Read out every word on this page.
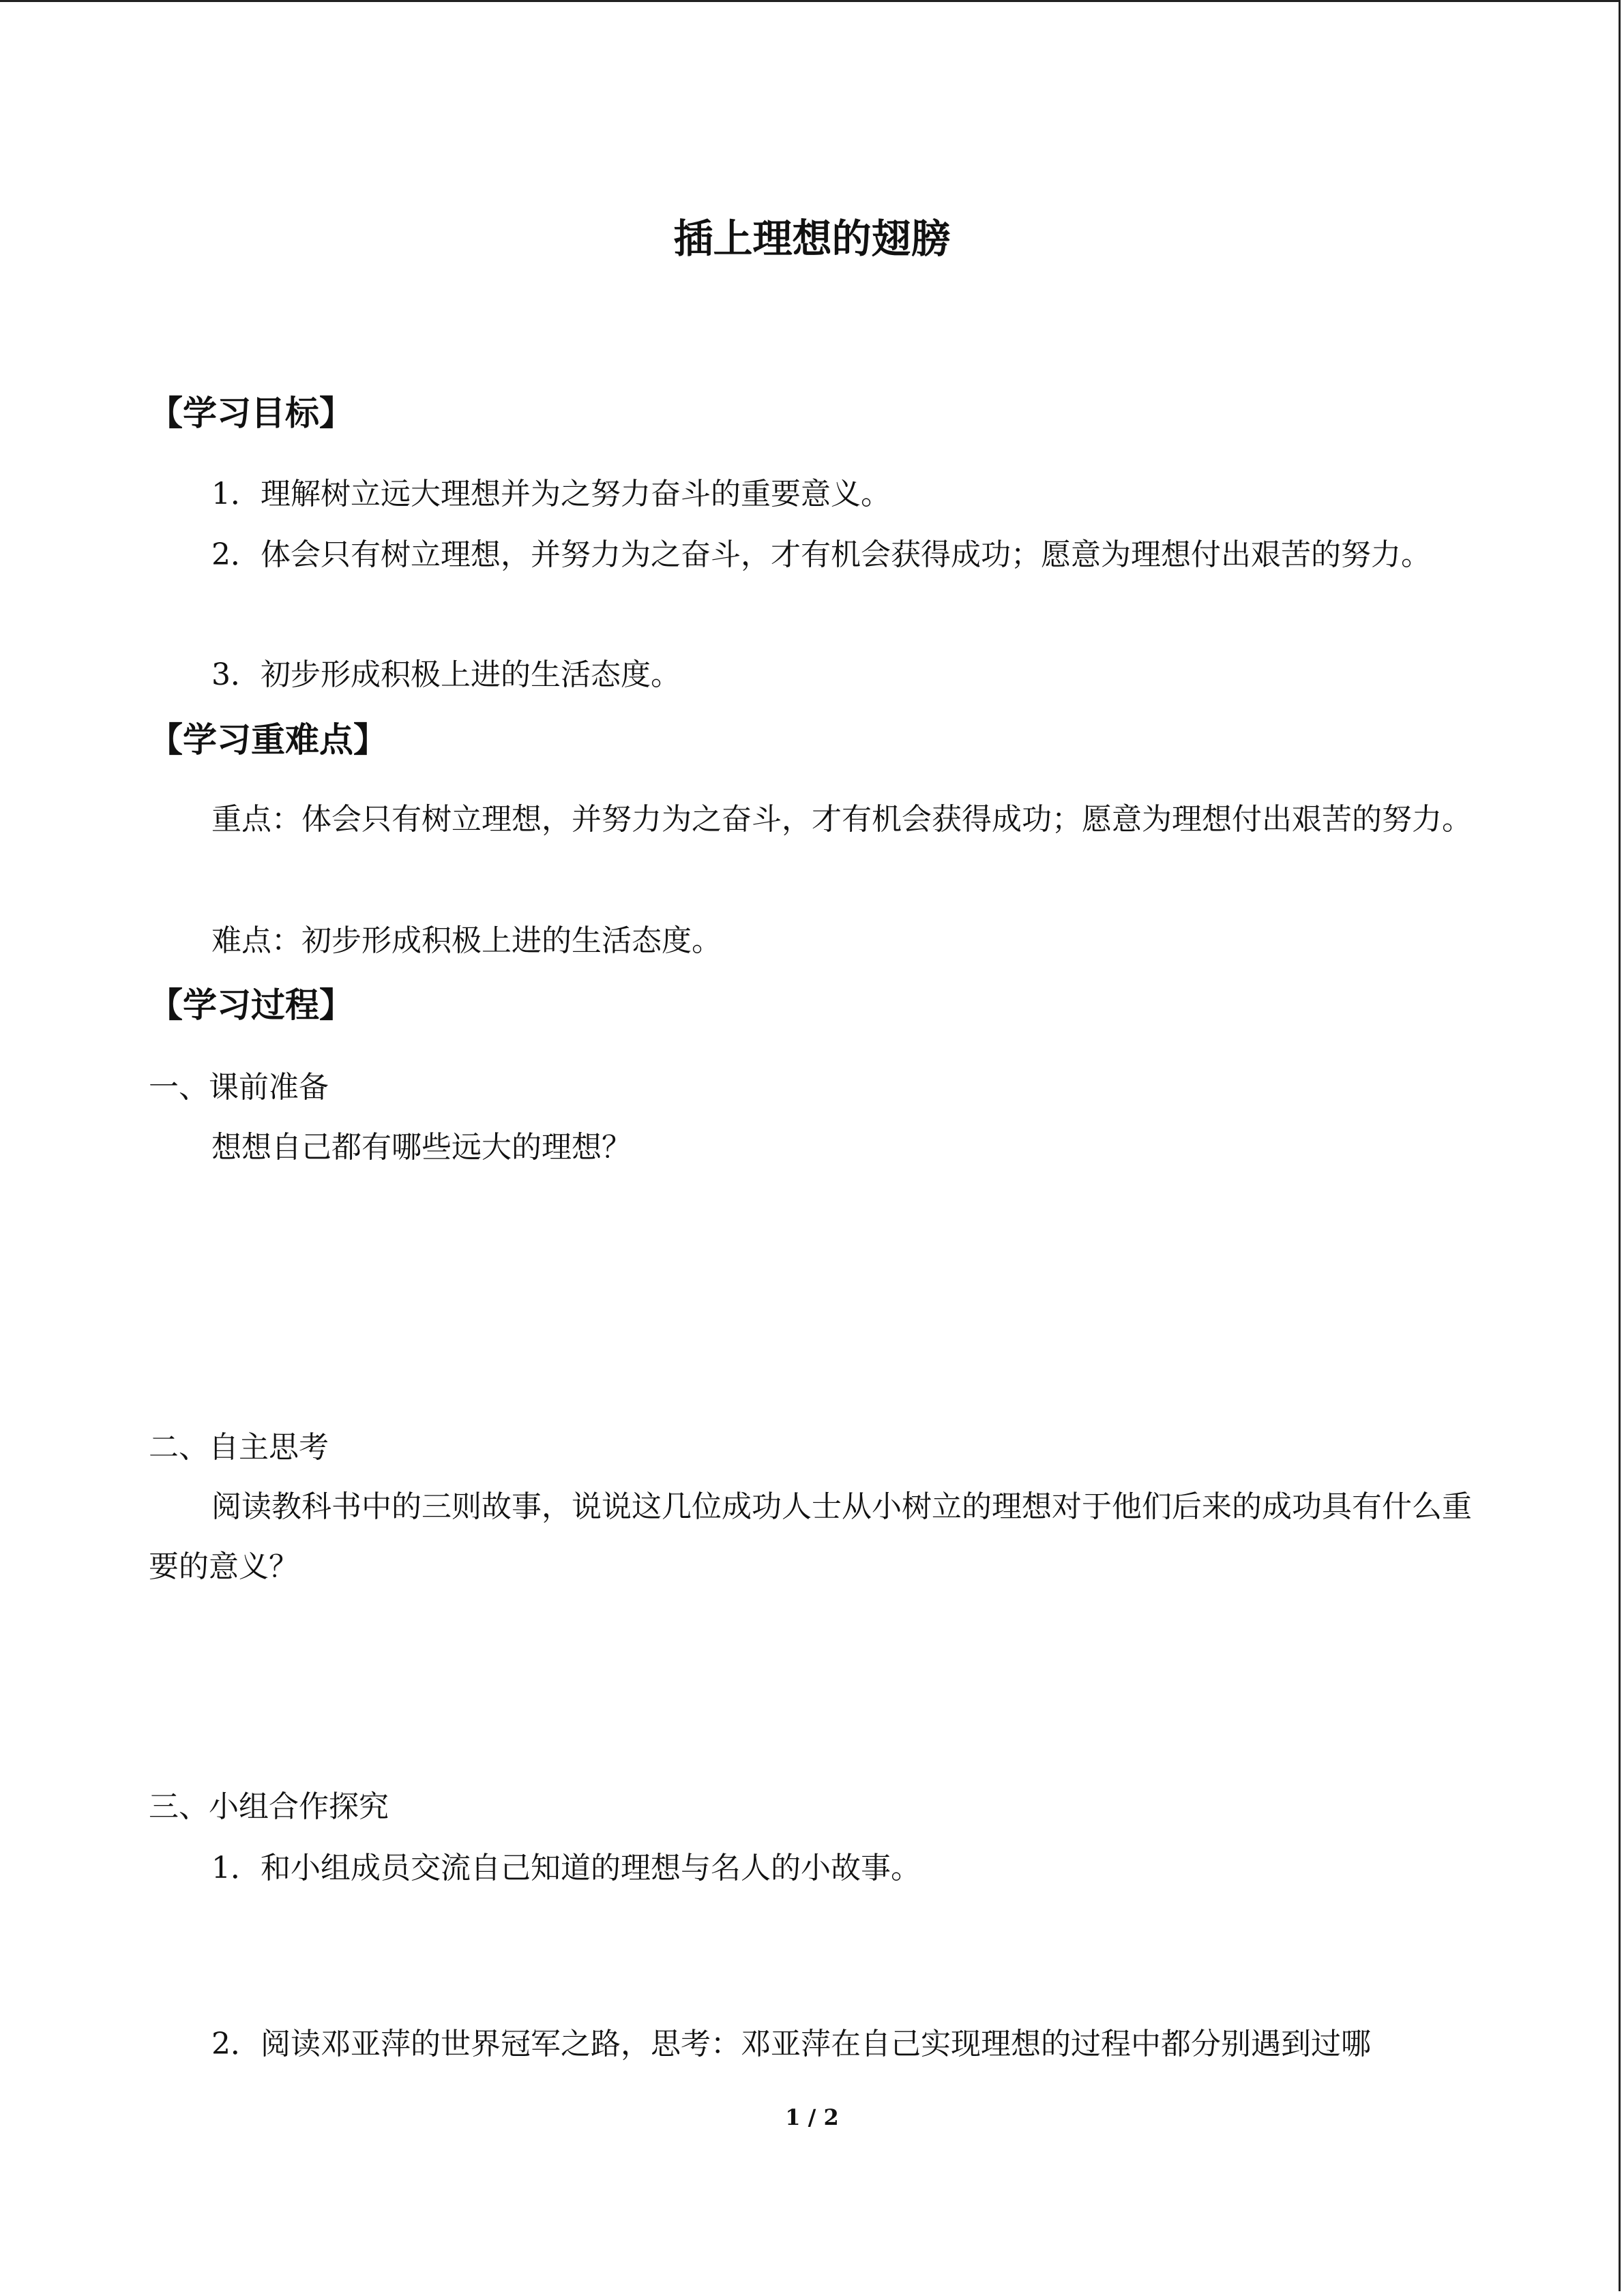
插上理想的翅膀
【学习目标】

1．理解树立远大理想并为之努力奋斗的重要意义。

2．体会只有树立理想，并努力为之奋斗，才有机会获得成功；愿意为理想付出艰苦的努力。

3．初步形成积极上进的生活态度。

【学习重难点】

重点：体会只有树立理想，并努力为之奋斗，才有机会获得成功；愿意为理想付出艰苦的努力。

难点：初步形成积极上进的生活态度。

【学习过程】

一、课前准备

想想自己都有哪些远大的理想？

二、自主思考

阅读教科书中的三则故事，说说这几位成功人士从小树立的理想对于他们后来的成功具有什么重要的意义？

三、小组合作探究

1．和小组成员交流自己知道的理想与名人的小故事。

2．阅读邓亚萍的世界冠军之路，思考：邓亚萍在自己实现理想的过程中都分别遇到过哪

1 / 2
